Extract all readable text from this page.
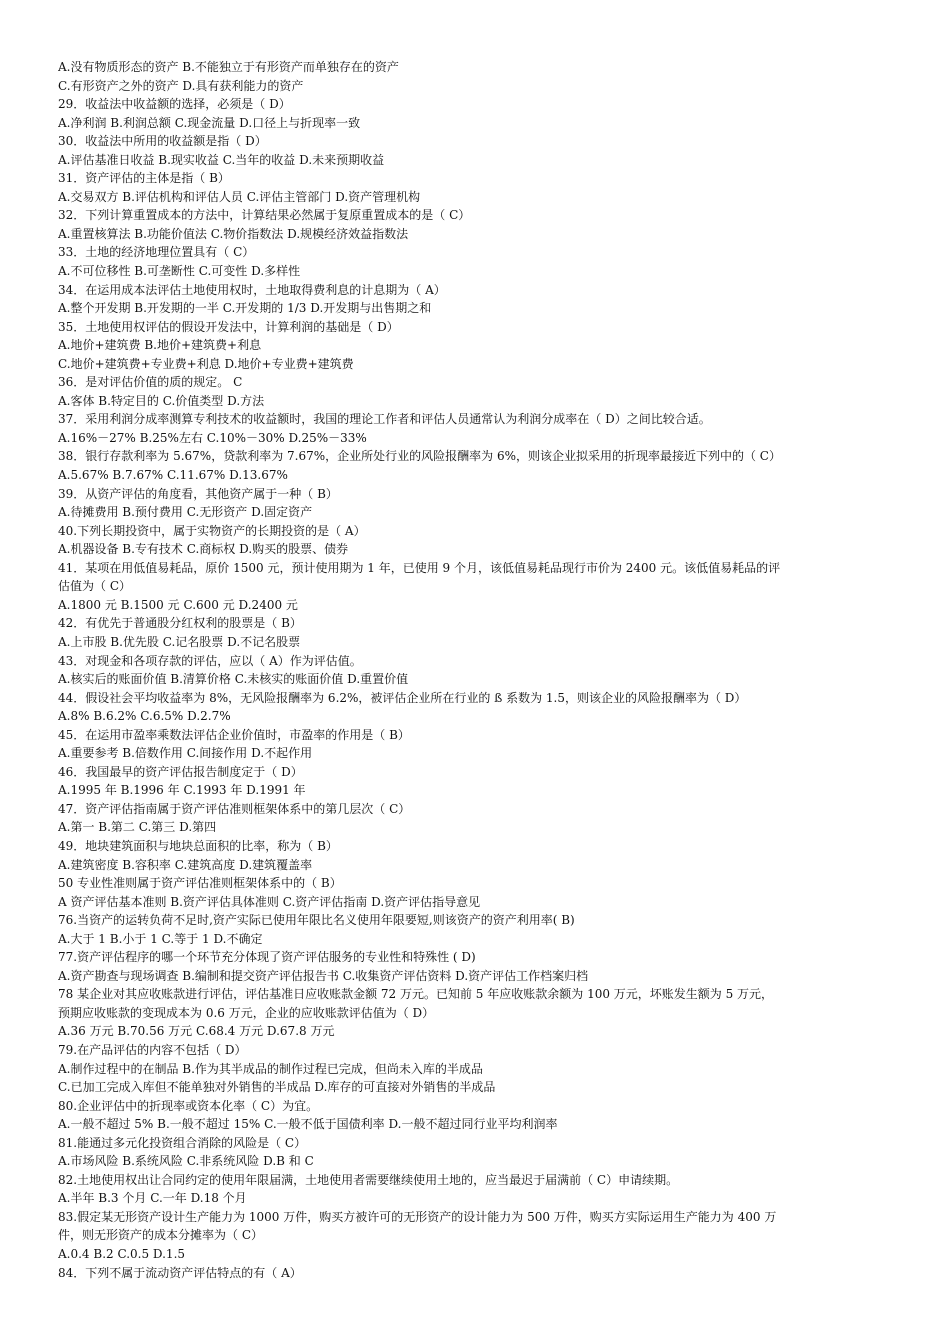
A.没有物质形态的资产 B.不能独立于有形资产而单独存在的资产
C.有形资产之外的资产 D.具有获利能力的资产
29．收益法中收益额的选择，必须是（ D）
A.净利润 B.利润总额 C.现金流量 D.口径上与折现率一致
30．收益法中所用的收益额是指（ D）
A.评估基准日收益 B.现实收益 C.当年的收益 D.未来预期收益
31．资产评估的主体是指（ B）
A.交易双方 B.评估机构和评估人员 C.评估主管部门 D.资产管理机构
32．下列计算重置成本的方法中，计算结果必然属于复原重置成本的是（ C）
A.重置核算法 B.功能价值法 C.物价指数法 D.规模经济效益指数法
33．土地的经济地理位置具有（ C）
A.不可位移性 B.可垄断性 C.可变性 D.多样性
34．在运用成本法评估土地使用权时，土地取得费利息的计息期为（ A）
A.整个开发期 B.开发期的一半 C.开发期的 1/3 D.开发期与出售期之和
35．土地使用权评估的假设开发法中，计算利润的基础是（ D）
A.地价+建筑费 B.地价+建筑费+利息
C.地价+建筑费+专业费+利息 D.地价+专业费+建筑费
36．是对评估价值的质的规定。 C
A.客体 B.特定目的 C.价值类型 D.方法
37．采用利润分成率测算专利技术的收益额时，我国的理论工作者和评估人员通常认为利润分成率在（ D）之间比较合适。
A.16%－27% B.25%左右 C.10%－30% D.25%－33%
38．银行存款利率为 5.67%，贷款利率为 7.67%，企业所处行业的风险报酬率为 6%，则该企业拟采用的折现率最接近下列中的（ C）
A.5.67% B.7.67% C.11.67% D.13.67%
39．从资产评估的角度看，其他资产属于一种（ B）
A.待摊费用 B.预付费用 C.无形资产 D.固定资产
40.下列长期投资中，属于实物资产的长期投资的是（ A）
A.机器设备 B.专有技术 C.商标权 D.购买的股票、债券
41．某项在用低值易耗品，原价 1500 元，预计使用期为 1 年，已使用 9 个月，该低值易耗品现行市价为 2400 元。该低值易耗品的评
估值为（ C）
A.1800 元 B.1500 元 C.600 元 D.2400 元
42．有优先于普通股分红权利的股票是（ B）
A.上市股 B.优先股 C.记名股票 D.不记名股票
43．对现金和各项存款的评估，应以（ A）作为评估值。
A.核实后的账面价值 B.清算价格 C.未核实的账面价值 D.重置价值
44．假设社会平均收益率为 8%，无风险报酬率为 6.2%，被评估企业所在行业的 ß 系数为 1.5，则该企业的风险报酬率为（ D）
A.8% B.6.2% C.6.5% D.2.7%
45．在运用市盈率乘数法评估企业价值时，市盈率的作用是（ B）
A.重要参考 B.倍数作用 C.间接作用 D.不起作用
46．我国最早的资产评估报告制度定于（ D）
A.1995 年 B.1996 年 C.1993 年 D.1991 年
47．资产评估指南属于资产评估准则框架体系中的第几层次（ C）
A.第一 B.第二 C.第三 D.第四
49．地块建筑面积与地块总面积的比率，称为（ B）
A.建筑密度 B.容积率 C.建筑高度 D.建筑覆盖率
50 专业性准则属于资产评估准则框架体系中的（ B）
A 资产评估基本准则 B.资产评估具体准则 C.资产评估指南 D.资产评估指导意见
76.当资产的运转负荷不足时,资产实际已使用年限比名义使用年限要短,则该资产的资产利用率( B)
A.大于 1 B.小于 1 C.等于 1 D.不确定
77.资产评估程序的哪一个环节充分体现了资产评估服务的专业性和特殊性 ( D)
A.资产勘查与现场调查 B.编制和提交资产评估报告书 C.收集资产评估资料 D.资产评估工作档案归档
78 某企业对其应收账款进行评估，评估基准日应收账款金额 72 万元。已知前 5 年应收账款余额为 100 万元，坏账发生额为 5 万元，
预期应收账款的变现成本为 0.6 万元，企业的应收账款评估值为（ D）
A.36 万元 B.70.56 万元 C.68.4 万元 D.67.8 万元
79.在产品评估的内容不包括（ D）
A.制作过程中的在制品 B.作为其半成品的制作过程已完成，但尚未入库的半成品
C.已加工完成入库但不能单独对外销售的半成品 D.库存的可直接对外销售的半成品
80.企业评估中的折现率或资本化率（ C）为宜。
A.一般不超过 5% B.一般不超过 15% C.一般不低于国债利率 D.一般不超过同行业平均利润率
81.能通过多元化投资组合消除的风险是（ C）
A.市场风险 B.系统风险 C.非系统风险 D.B 和 C
82.土地使用权出让合同约定的使用年限届满，土地使用者需要继续使用土地的，应当最迟于届满前（ C）申请续期。
A.半年 B.3 个月 C.一年 D.18 个月
83.假定某无形资产设计生产能力为 1000 万件，购买方被许可的无形资产的设计能力为 500 万件，购买方实际运用生产能力为 400 万
件，则无形资产的成本分摊率为（ C）
A.0.4 B.2 C.0.5 D.1.5
84．下列不属于流动资产评估特点的有（ A）
